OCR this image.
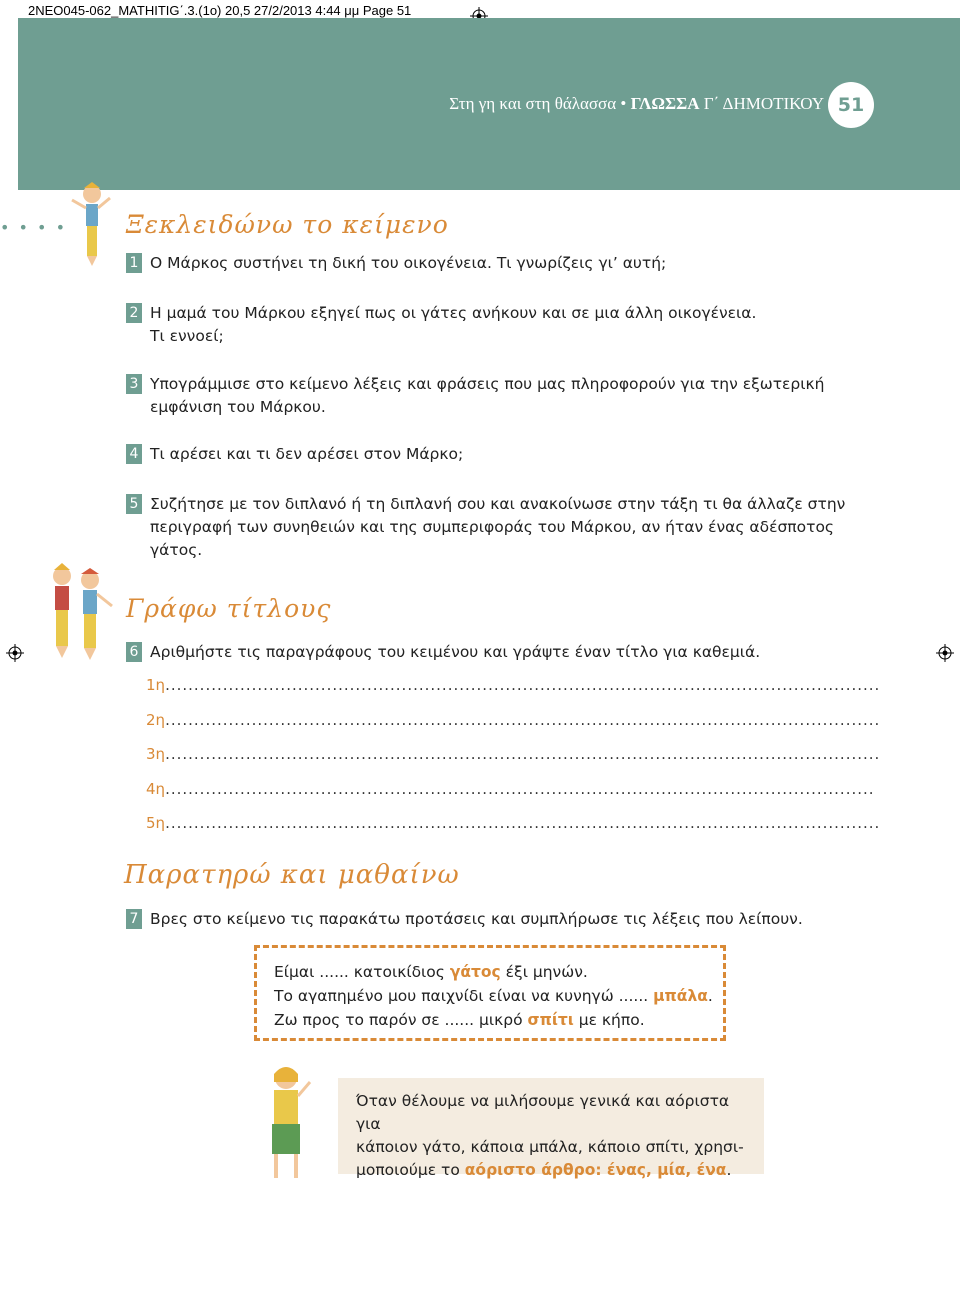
2NEO045-062_MATHITIG΄.3.(1ο) 20,5 27/2/2013 4:44 μμ Page 51
Στη γη και στη θάλασσα • ΓΛΩΣΣΑ Γ΄ ΔΗΜΟΤΙΚΟΥ 51
• • • • Ξεκλειδώνω το κείμενο
1 Ο Μάρκος συστήνει τη δική του οικογένεια. Τι γνωρίζεις γι’ αυτή;
2 Η μαμά του Μάρκου εξηγεί πως οι γάτες ανήκουν και σε μια άλλη οικογένεια. Τι εννοεί;
3 Υπογράμμισε στο κείμενο λέξεις και φράσεις που μας πληροφορούν για την εξωτερική εμφάνιση του Μάρκου.
4 Τι αρέσει και τι δεν αρέσει στον Μάρκο;
5 Συζήτησε με τον διπλανό ή τη διπλανή σου και ανακοίνωσε στην τάξη τι θα άλλαζε στην περιγραφή των συνηθειών και της συμπεριφοράς του Μάρκου, αν ήταν ένας αδέσποτος γάτος.
Γράφω τίτλους
6 Αριθμήστε τις παραγράφους του κειμένου και γράψτε έναν τίτλο για καθεμιά.
1η............................................................................................................................
2η............................................................................................................................
3η............................................................................................................................
4η...........................................................................................................................
5η............................................................................................................................
Παρατηρώ και μαθαίνω
7 Βρες στο κείμενο τις παρακάτω προτάσεις και συμπλήρωσε τις λέξεις που λείπουν.
Είμαι ...... κατοικίδιος γάτος έξι μηνών.
Το αγαπημένο μου παιχνίδι είναι να κυνηγώ ...... μπάλα.
Ζω προς το παρόν σε ...... μικρό σπίτι με κήπο.
Όταν θέλουμε να μιλήσουμε γενικά και αόριστα για
κάποιον γάτο, κάποια μπάλα, κάποιο σπίτι, χρησι-
μοποιούμε το αόριστο άρθρο: ένας, μία, ένα.
